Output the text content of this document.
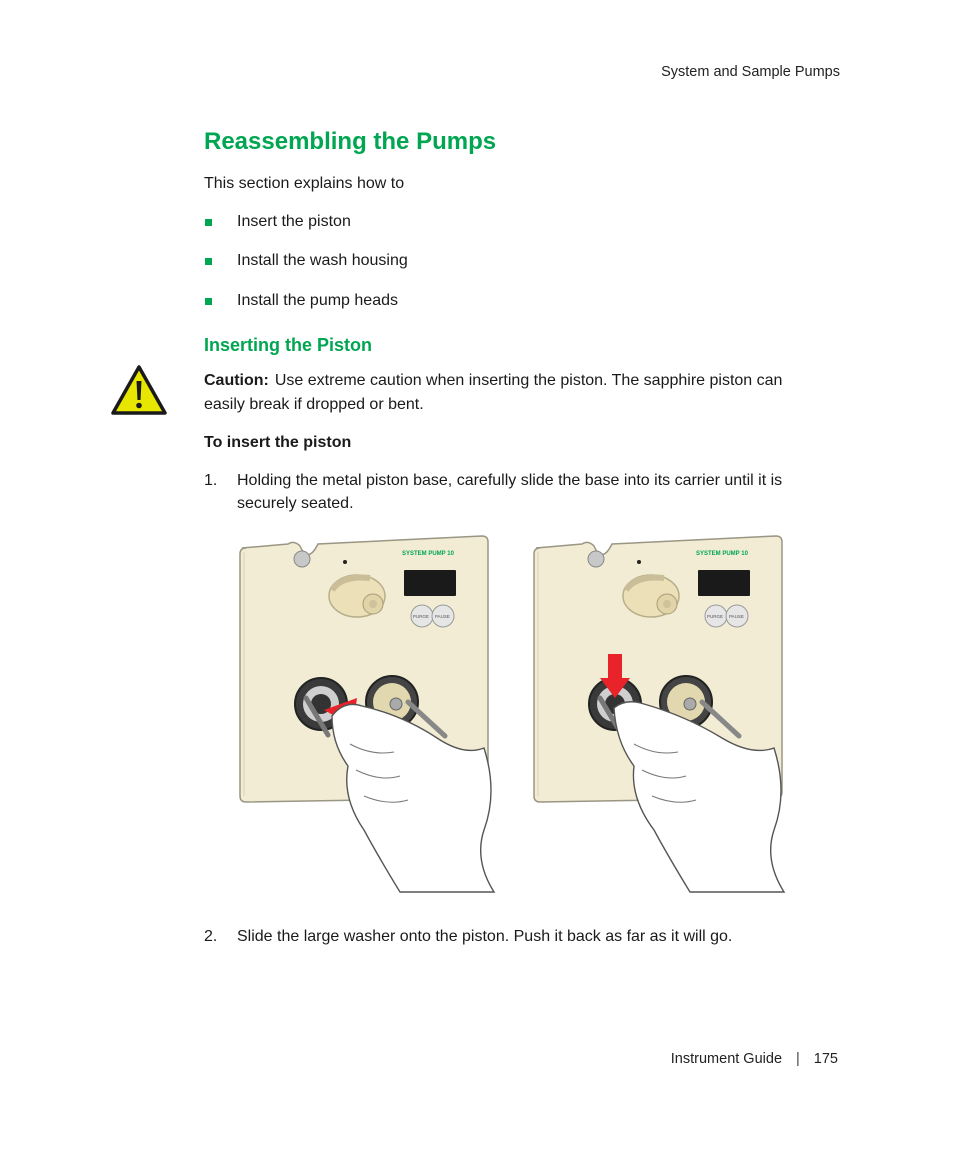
System and Sample Pumps
Reassembling the Pumps
This section explains how to
Insert the piston
Install the wash housing
Install the pump heads
Inserting the Piston
Caution: Use extreme caution when inserting the piston. The sapphire piston can easily break if dropped or bent.
To insert the piston
1. Holding the metal piston base, carefully slide the base into its carrier until it is securely seated.
SYSTEM PUMP 10
PURGE PAUSE
SYSTEM PUMP 10
PURGE PAUSE
2. Slide the large washer onto the piston. Push it back as far as it will go.
Instrument Guide | 175
